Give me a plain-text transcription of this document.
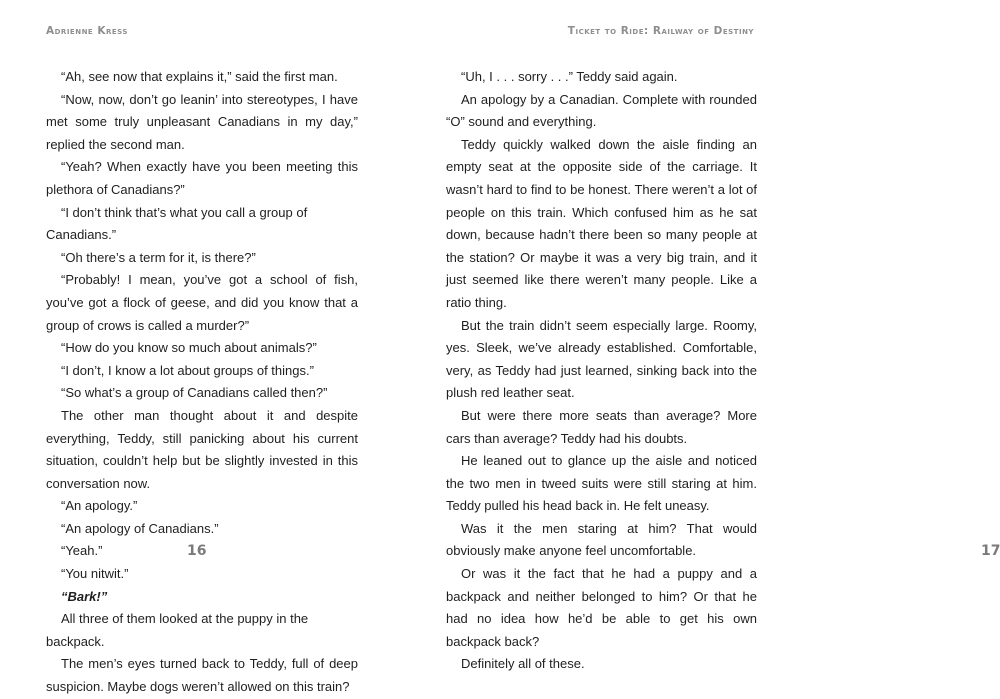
Adrienne Kress

“Ah, see now that explains it,” said the first man.

“Now, now, don’t go leanin’ into stereotypes, I have met some truly unpleasant Canadians in my day,” replied the second man.

“Yeah? When exactly have you been meeting this plethora of Canadians?”

“I don’t think that’s what you call a group of Canadians.”

“Oh there’s a term for it, is there?”

“Probably! I mean, you’ve got a school of fish, you’ve got a flock of geese, and did you know that a group of crows is called a murder?”

“How do you know so much about animals?”

“I don’t, I know a lot about groups of things.”

“So what’s a group of Canadians called then?”

The other man thought about it and despite everything, Teddy, still panicking about his current situation, couldn’t help but be slightly invested in this conversation now.

“An apology.”

“An apology of Canadians.”

“Yeah.”

“You nitwit.”

“Bark!”

All three of them looked at the puppy in the backpack.

The men’s eyes turned back to Teddy, full of deep suspicion. Maybe dogs weren’t allowed on this train?

16
Ticket to Ride: Railway of Destiny
17

“Uh, I . . . sorry . . .” Teddy said again.

An apology by a Canadian. Complete with rounded “O” sound and everything.

Teddy quickly walked down the aisle finding an empty seat at the opposite side of the carriage. It wasn’t hard to find to be honest. There weren’t a lot of people on this train. Which confused him as he sat down, because hadn’t there been so many people at the station? Or maybe it was a very big train, and it just seemed like there weren’t many people. Like a ratio thing.

But the train didn’t seem especially large. Roomy, yes. Sleek, we’ve already established. Comfortable, very, as Teddy had just learned, sinking back into the plush red leather seat.

But were there more seats than average? More cars than average? Teddy had his doubts.

He leaned out to glance up the aisle and noticed the two men in tweed suits were still staring at him. Teddy pulled his head back in. He felt uneasy.

Was it the men staring at him? That would obviously make anyone feel uncomfortable.

Or was it the fact that he had a puppy and a backpack and neither belonged to him? Or that he had no idea how he’d be able to get his own backpack back?

Definitely all of these.
